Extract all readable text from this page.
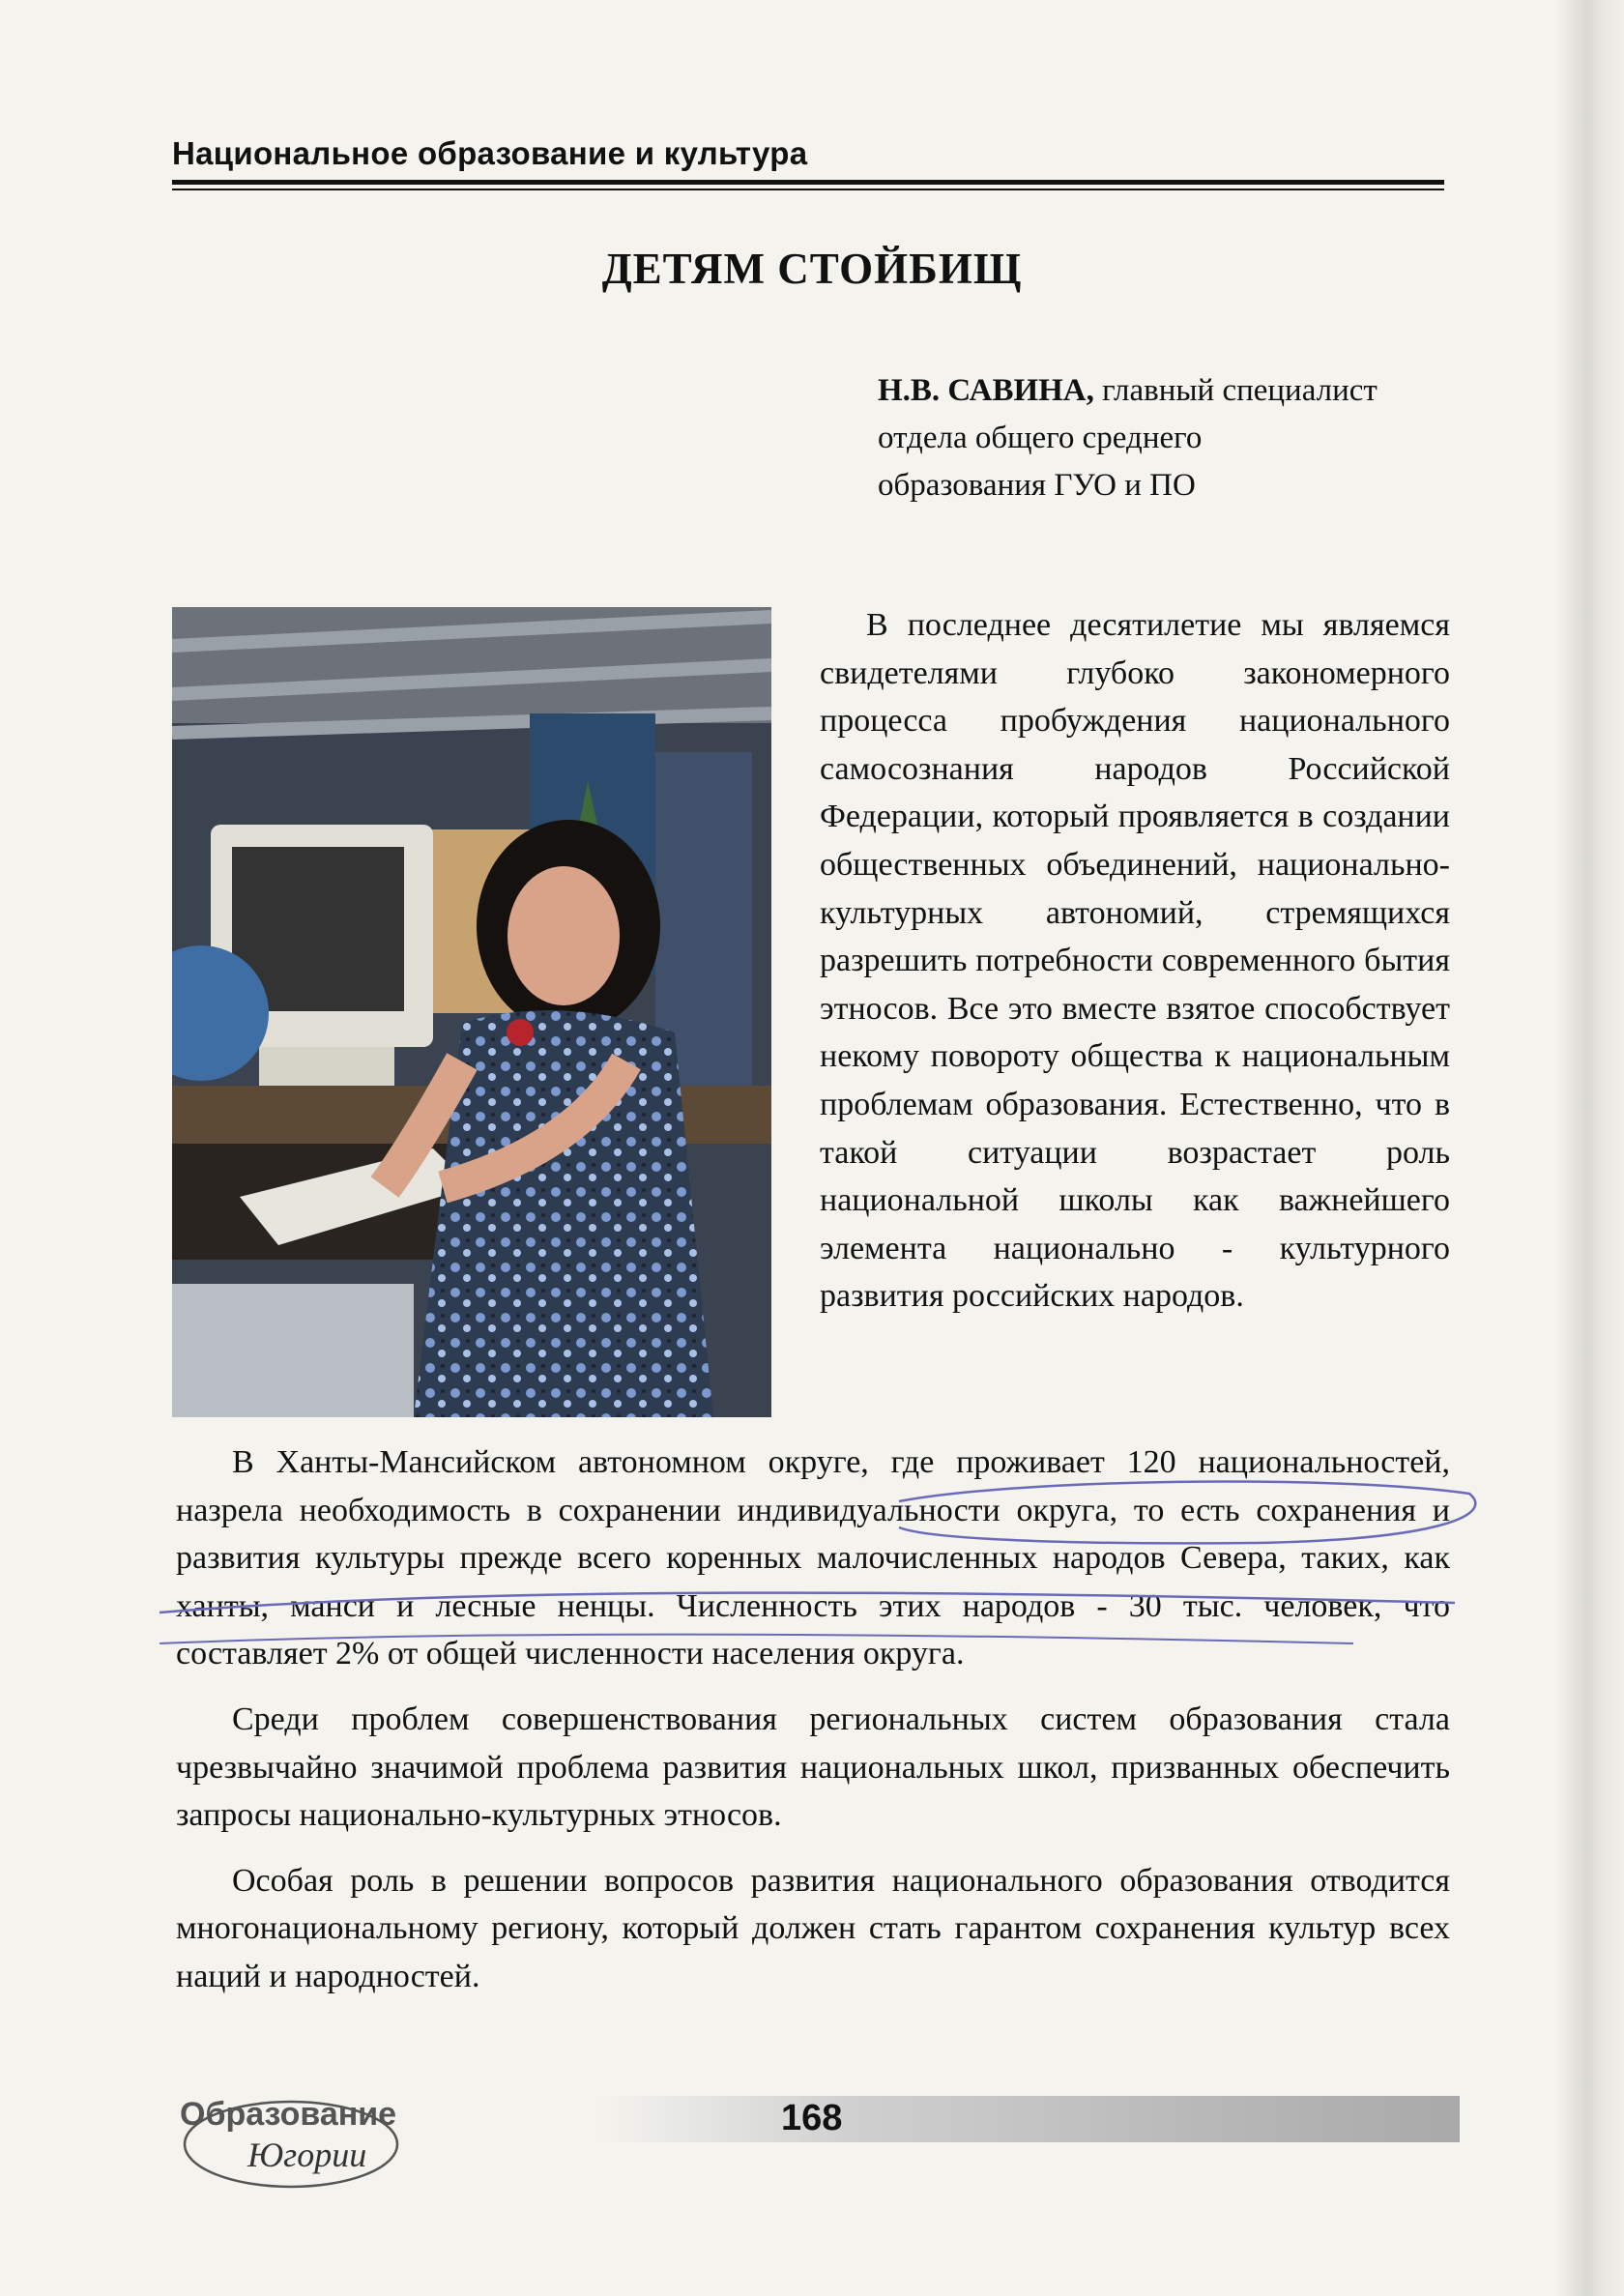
Национальное образование и культура
ДЕТЯМ СТОЙБИЩ
Н.В. САВИНА, главный специалист
отдела общего среднего
образования ГУО и ПО

В последнее десятилетие мы являемся свидетелями глубоко закономерного процесса пробуждения национального самосознания народов Российской Федерации, который проявляется в создании общественных объединений, национально-культурных автономий, стремящихся разрешить потребности современного бытия этносов. Все это вместе взятое способствует некому повороту общества к национальным проблемам образования. Естественно, что в такой ситуации возрастает роль национальной школы как важнейшего элемента национально - культурного развития российских народов.

В Ханты-Мансийском автономном округе, где проживает 120 национальностей, назрела необходимость в сохранении индивидуальности округа, то есть сохранения и развития культуры прежде всего коренных малочисленных народов Севера, таких, как ханты, манси и лесные ненцы. Численность этих народов - 30 тыс. человек, что составляет 2% от общей численности населения округа.

Среди проблем совершенствования региональных систем образования стала чрезвычайно значимой проблема развития национальных школ, призванных обеспечить запросы национально-культурных этносов.

Особая роль в решении вопросов развития национального образования отводится многонациональному региону, который должен стать гарантом сохранения культур всех наций и народностей.

168
Образование
Югории
